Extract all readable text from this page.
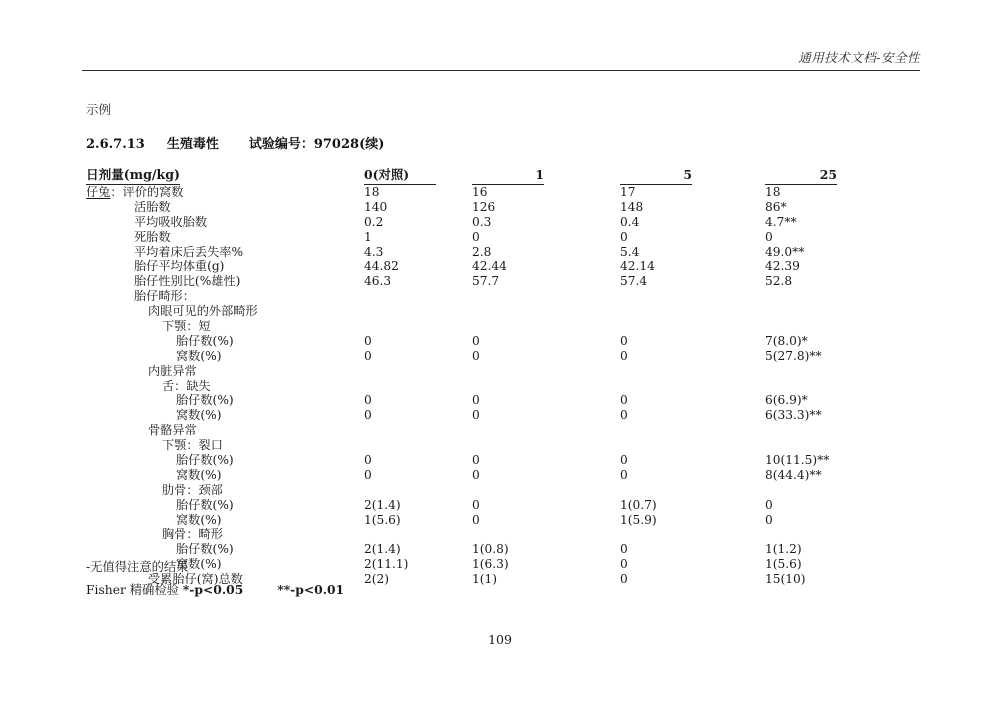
通用技术文档-安全性
示例
2.6.7.13 生殖毒性 试验编号：97028(续)
日剂量(mg/kg)	0(对照)	1	5	25
仔兔：评价的窝数	18	16	17	18
活胎数	140	126	148	86*
平均吸收胎数	0.2	0.3	0.4	4.7**
死胎数	1	0	0	0
平均着床后丢失率%	4.3	2.8	5.4	49.0**
胎仔平均体重(g)	44.82	42.44	42.14	42.39
胎仔性别比(%雄性)	46.3	57.7	57.4	52.8
胎仔畸形：
肉眼可见的外部畸形
下颚：短
胎仔数(%)	0	0	0	7(8.0)*
窝数(%)	0	0	0	5(27.8)**
内脏异常
舌：缺失
胎仔数(%)	0	0	0	6(6.9)*
窝数(%)	0	0	0	6(33.3)**
骨骼异常
下颚：裂口
胎仔数(%)	0	0	0	10(11.5)**
窝数(%)	0	0	0	8(44.4)**
肋骨：颈部
胎仔数(%)	2(1.4)	0	1(0.7)	0
窝数(%)	1(5.6)	0	1(5.9)	0
胸骨：畸形
胎仔数(%)	2(1.4)	1(0.8)	0	1(1.2)
窝数(%)	2(11.1)	1(6.3)	0	1(5.6)
受累胎仔(窝)总数	2(2)	1(1)	0	15(10)
-无值得注意的结果
Fisher 精确检验 *-p<0.05	**-p<0.01
109
